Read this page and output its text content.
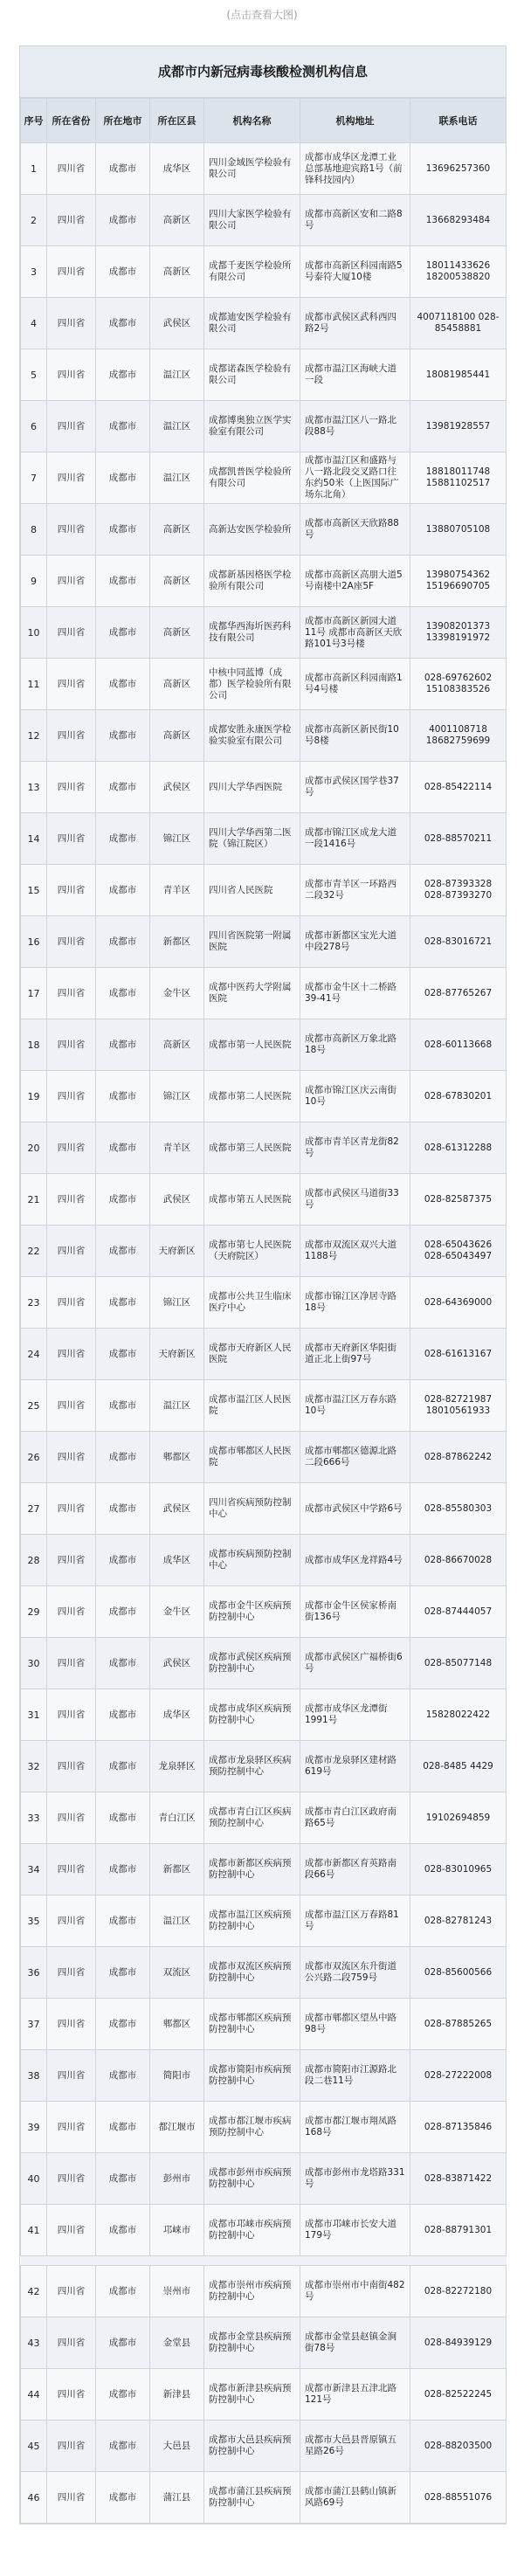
(点击查看大图)
成都市内新冠病毒核酸检测机构信息
序号	所在省份	所在地市	所在区县	机构名称	机构地址	联系电话
1	四川省	成都市	成华区	四川金域医学检验有限公司	成都市成华区龙潭工业总部基地迎宾路1号（前锋科技园内）	13696257360
2	四川省	成都市	高新区	四川大家医学检验有限公司	成都市高新区安和二路8号	13668293484
3	四川省	成都市	高新区	成都千麦医学检验所有限公司	成都市高新区科园南路5号泰符大厦10楼	18011433626 18200538820
4	四川省	成都市	武侯区	成都迪安医学检验有限公司	成都市武侯区武科西四路2号	4007118100 028-85458881
5	四川省	成都市	温江区	成都诺森医学检验有限公司	成都市温江区海峡大道一段	18081985441
6	四川省	成都市	温江区	成都博奥独立医学实验室有限公司	成都市温江区八一路北段88号	13981928557
7	四川省	成都市	温江区	成都凯普医学检验所有限公司	成都市温江区和盛路与八一路北段交叉路口往东约50米（上医国际广场东北角）	18818011748 15881102517
8	四川省	成都市	高新区	高新达安医学检验所	成都市高新区天欣路88号	13880705108
9	四川省	成都市	高新区	成都新基因格医学检验所有限公司	成都市高新区高朋大道5号南楼中2A座5F	13980754362 15196690705
10	四川省	成都市	高新区	成都华西海圻医药科技有限公司	成都市高新区新园大道11号 成都市高新区天欣路101号3号楼	13908201373 13398191972
11	四川省	成都市	高新区	中核中同蓝博（成都）医学检验所有限公司	成都市高新区科园南路1号4号楼	028-69762602 15108383526
12	四川省	成都市	高新区	成都安胜永康医学检验实验室有限公司	成都市高新区新民街10号8楼	4001108718 18682759699
13	四川省	成都市	武侯区	四川大学华西医院	成都市武侯区国学巷37号	028-85422114
14	四川省	成都市	锦江区	四川大学华西第二医院（锦江院区）	成都市锦江区成龙大道一段1416号	028-88570211
15	四川省	成都市	青羊区	四川省人民医院	成都市青羊区一环路西二段32号	028-87393328 028-87393270
16	四川省	成都市	新都区	四川省医院第一附属医院	成都市新都区宝光大道中段278号	028-83016721
17	四川省	成都市	金牛区	成都中医药大学附属医院	成都市金牛区十二桥路39-41号	028-87765267
18	四川省	成都市	高新区	成都市第一人民医院	成都市高新区万象北路18号	028-60113668
19	四川省	成都市	锦江区	成都市第二人民医院	成都市锦江区庆云南街10号	028-67830201
20	四川省	成都市	青羊区	成都市第三人民医院	成都市青羊区青龙街82号	028-61312288
21	四川省	成都市	武侯区	成都市第五人民医院	成都市武侯区马道街33号	028-82587375
22	四川省	成都市	天府新区	成都市第七人民医院（天府院区）	成都市双流区双兴大道1188号	028-65043626 028-65043497
23	四川省	成都市	锦江区	成都市公共卫生临床医疗中心	成都市锦江区净居寺路18号	028-64369000
24	四川省	成都市	天府新区	成都市天府新区人民医院	成都市天府新区华阳街道正北上街97号	028-61613167
25	四川省	成都市	温江区	成都市温江区人民医院	成都市温江区万春东路10号	028-82721987 18010561933
26	四川省	成都市	郫都区	成都市郫都区人民医院	成都市郫都区德源北路二段666号	028-87862242
27	四川省	成都市	武侯区	四川省疾病预防控制中心	成都市武侯区中学路6号	028-85580303
28	四川省	成都市	成华区	成都市疾病预防控制中心	成都市成华区龙祥路4号	028-86670028
29	四川省	成都市	金牛区	成都市金牛区疾病预防控制中心	成都市金牛区侯家桥南街136号	028-87444057
30	四川省	成都市	武侯区	成都市武侯区疾病预防控制中心	成都市武侯区广福桥街6号	028-85077148
31	四川省	成都市	成华区	成都市成华区疾病预防控制中心	成都市成华区龙潭街1991号	15828022422
32	四川省	成都市	龙泉驿区	成都市龙泉驿区疾病预防控制中心	成都市龙泉驿区建材路619号	028-8485 4429
33	四川省	成都市	青白江区	成都市青白江区疾病预防控制中心	成都市青白江区政府南路65号	19102694859
34	四川省	成都市	新都区	成都市新都区疾病预防控制中心	成都市新都区育英路南段66号	028-83010965
35	四川省	成都市	温江区	成都市温江区疾病预防控制中心	成都市温江区万春路81号	028-82781243
36	四川省	成都市	双流区	成都市双流区疾病预防控制中心	成都市双流区东升街道公兴路二段759号	028-85600566
37	四川省	成都市	郫都区	成都市郫都区疾病预防控制中心	成都市郫都区望丛中路98号	028-87885265
38	四川省	成都市	简阳市	成都市简阳市疾病预防控制中心	成都市简阳市江源路北段二巷11号	028-27222008
39	四川省	成都市	都江堰市	成都市都江堰市疾病预防控制中心	成都市都江堰市翔凤路168号	028-87135846
40	四川省	成都市	彭州市	成都市彭州市疾病预防控制中心	成都市彭州市龙塔路331号	028-83871422
41	四川省	成都市	邛崃市	成都市邛崃市疾病预防控制中心	成都市邛崃市长安大道179号	028-88791301

42	四川省	成都市	崇州市	成都市崇州市疾病预防控制中心	成都市崇州市中南街482号	028-82272180
43	四川省	成都市	金堂县	成都市金堂县疾病预防控制中心	成都市金堂县赵镇金涧街78号	028-84939129
44	四川省	成都市	新津县	成都市新津县疾病预防控制中心	成都市新津县五津北路121号	028-82522245
45	四川省	成都市	大邑县	成都市大邑县疾病预防控制中心	成都市大邑县晋原镇五星路26号	028-88203500
46	四川省	成都市	蒲江县	成都市蒲江县疾病预防控制中心	成都市蒲江县鹤山镇新风路69号	028-88551076
